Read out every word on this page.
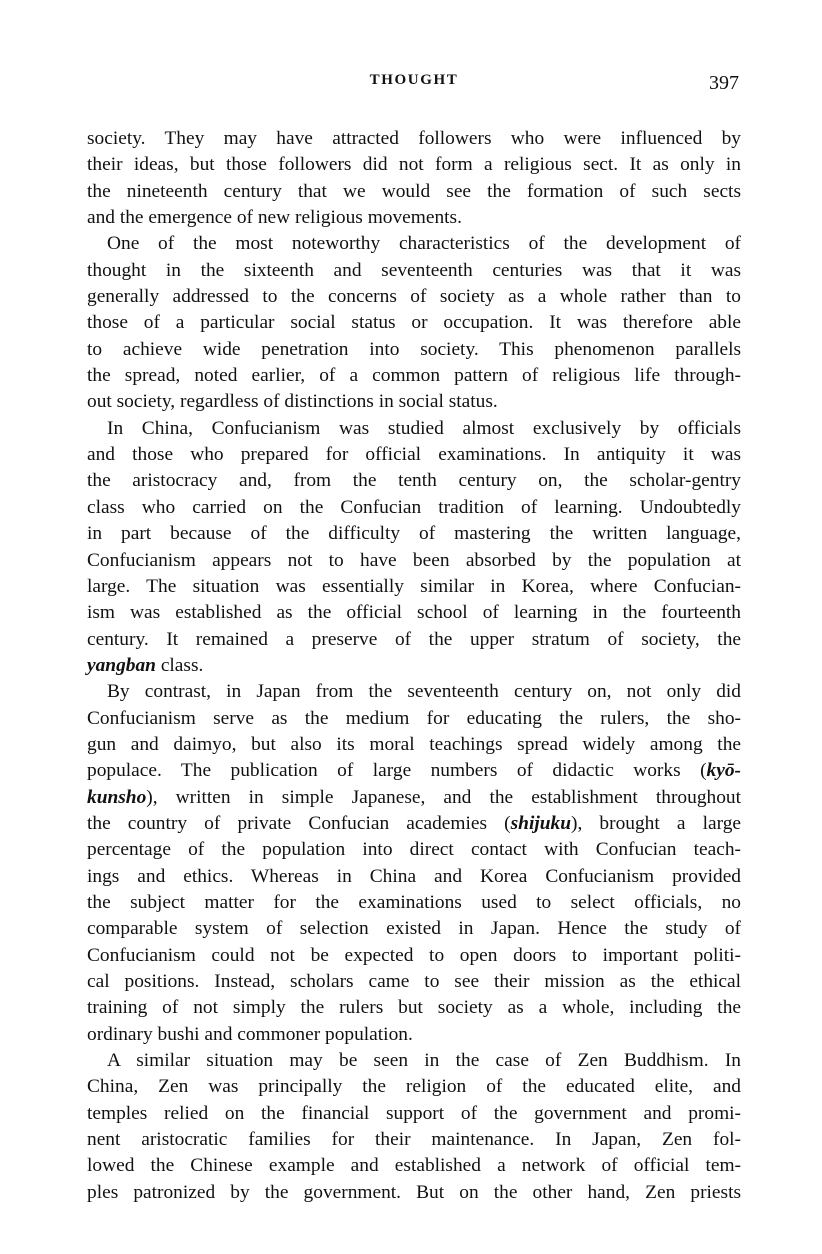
THOUGHT	397
society. They may have attracted followers who were influenced by
their ideas, but those followers did not form a religious sect. It as only in
the nineteenth century that we would see the formation of such sects
and the emergence of new religious movements.
One of the most noteworthy characteristics of the development of
thought in the sixteenth and seventeenth centuries was that it was
generally addressed to the concerns of society as a whole rather than to
those of a particular social status or occupation. It was therefore able
to achieve wide penetration into society. This phenomenon parallels
the spread, noted earlier, of a common pattern of religious life through-
out society, regardless of distinctions in social status.
In China, Confucianism was studied almost exclusively by officials
and those who prepared for official examinations. In antiquity it was
the aristocracy and, from the tenth century on, the scholar-gentry
class who carried on the Confucian tradition of learning. Undoubtedly
in part because of the difficulty of mastering the written language,
Confucianism appears not to have been absorbed by the population at
large. The situation was essentially similar in Korea, where Confucian-
ism was established as the official school of learning in the fourteenth
century. It remained a preserve of the upper stratum of society, the
yangban class.
By contrast, in Japan from the seventeenth century on, not only did
Confucianism serve as the medium for educating the rulers, the sho-
gun and daimyo, but also its moral teachings spread widely among the
populace. The publication of large numbers of didactic works (kyō-
kunsho), written in simple Japanese, and the establishment throughout
the country of private Confucian academies (shijuku), brought a large
percentage of the population into direct contact with Confucian teach-
ings and ethics. Whereas in China and Korea Confucianism provided
the subject matter for the examinations used to select officials, no
comparable system of selection existed in Japan. Hence the study of
Confucianism could not be expected to open doors to important politi-
cal positions. Instead, scholars came to see their mission as the ethical
training of not simply the rulers but society as a whole, including the
ordinary bushi and commoner population.
A similar situation may be seen in the case of Zen Buddhism. In
China, Zen was principally the religion of the educated elite, and
temples relied on the financial support of the government and promi-
nent aristocratic families for their maintenance. In Japan, Zen fol-
lowed the Chinese example and established a network of official tem-
ples patronized by the government. But on the other hand, Zen priests
